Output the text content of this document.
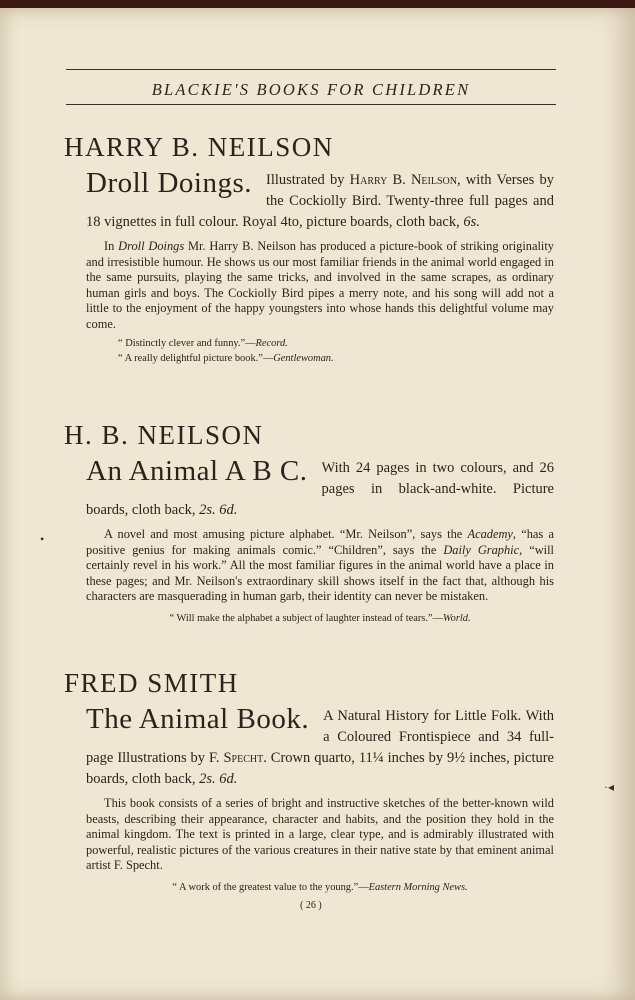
BLACKIE'S BOOKS FOR CHILDREN
HARRY B. NEILSON

Droll Doings. Illustrated by Harry B. Neilson, with Verses by the Cockiolly Bird. Twenty-three full pages and 18 vignettes in full colour. Royal 4to, picture boards, cloth back, 6s.

In Droll Doings Mr. Harry B. Neilson has produced a picture-book of striking originality and irresistible humour. He shows us our most familiar friends in the animal world engaged in the same pursuits, playing the same tricks, and involved in the same scrapes, as ordinary human girls and boys. The Cockiolly Bird pipes a merry note, and his song will add not a little to the enjoyment of the happy youngsters into whose hands this delightful volume may come.

“ Distinctly clever and funny.”—Record.

“ A really delightful picture book.”—Gentlewoman.

H. B. NEILSON

An Animal A B C. With 24 pages in two colours, and 26 pages in black-and-white. Picture boards, cloth back, 2s. 6d.

A novel and most amusing picture alphabet. “Mr. Neilson”, says the Academy, “has a positive genius for making animals comic.” “Children”, says the Daily Graphic, “will certainly revel in his work.” All the most familiar figures in the animal world have a place in these pages; and Mr. Neilson's extraordinary skill shows itself in the fact that, although his characters are masquerading in human garb, their identity can never be mistaken.

“ Will make the alphabet a subject of laughter instead of tears.”—World.

FRED SMITH

The Animal Book. A Natural History for Little Folk. With a Coloured Frontispiece and 34 full-page Illustrations by F. Specht. Crown quarto, 11¼ inches by 9½ inches, picture boards, cloth back, 2s. 6d.

This book consists of a series of bright and instructive sketches of the better-known wild beasts, describing their appearance, character and habits, and the position they hold in the animal kingdom. The text is printed in a large, clear type, and is admirably illustrated with powerful, realistic pictures of the various creatures in their native state by that eminent animal artist F. Specht.

“ A work of the greatest value to the young.”—Eastern Morning News.

( 26 )
•
·◂
